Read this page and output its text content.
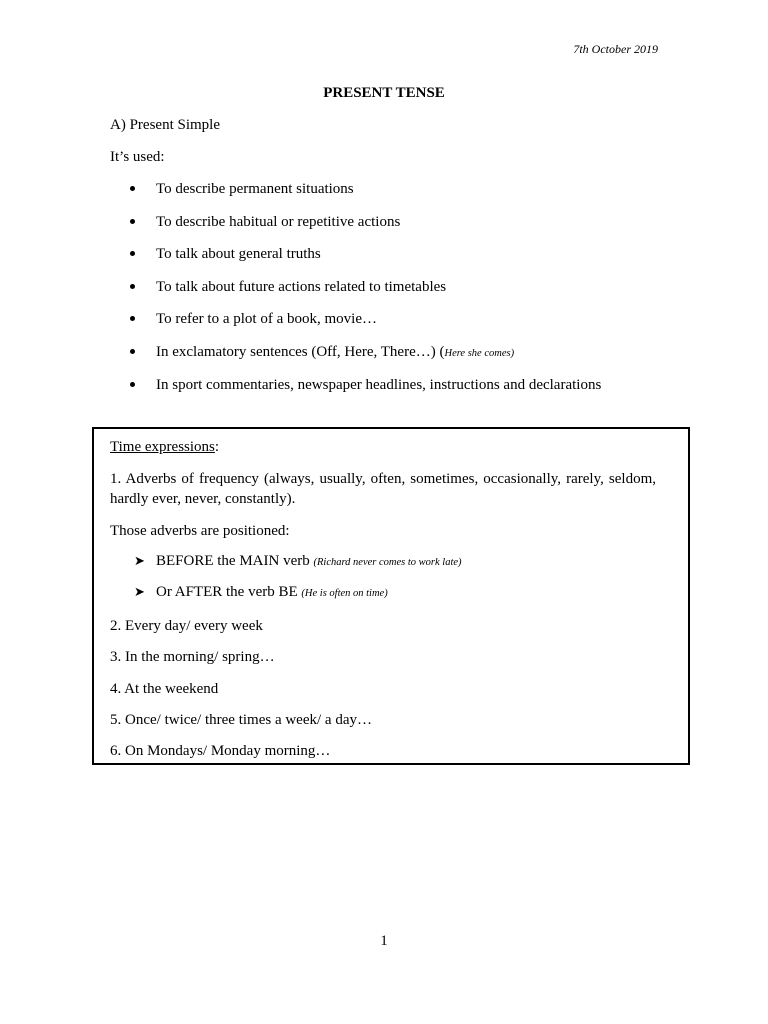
7th October 2019
PRESENT TENSE
A) Present Simple
It’s used:
To describe permanent situations
To describe habitual or repetitive actions
To talk about general truths
To talk about future actions related to timetables
To refer to a plot of a book, movie…
In exclamatory sentences (Off, Here, There…) (Here she comes)
In sport commentaries, newspaper headlines, instructions and declarations
Time expressions:
1. Adverbs of frequency (always, usually, often, sometimes, occasionally, rarely, seldom, hardly ever, never, constantly).
Those adverbs are positioned:
➤ BEFORE the MAIN verb (Richard never comes to work late)
➤ Or AFTER the verb BE (He is often on time)
2. Every day/ every week
3. In the morning/ spring…
4. At the weekend
5. Once/ twice/ three times a week/ a day…
6. On Mondays/ Monday morning…
1
